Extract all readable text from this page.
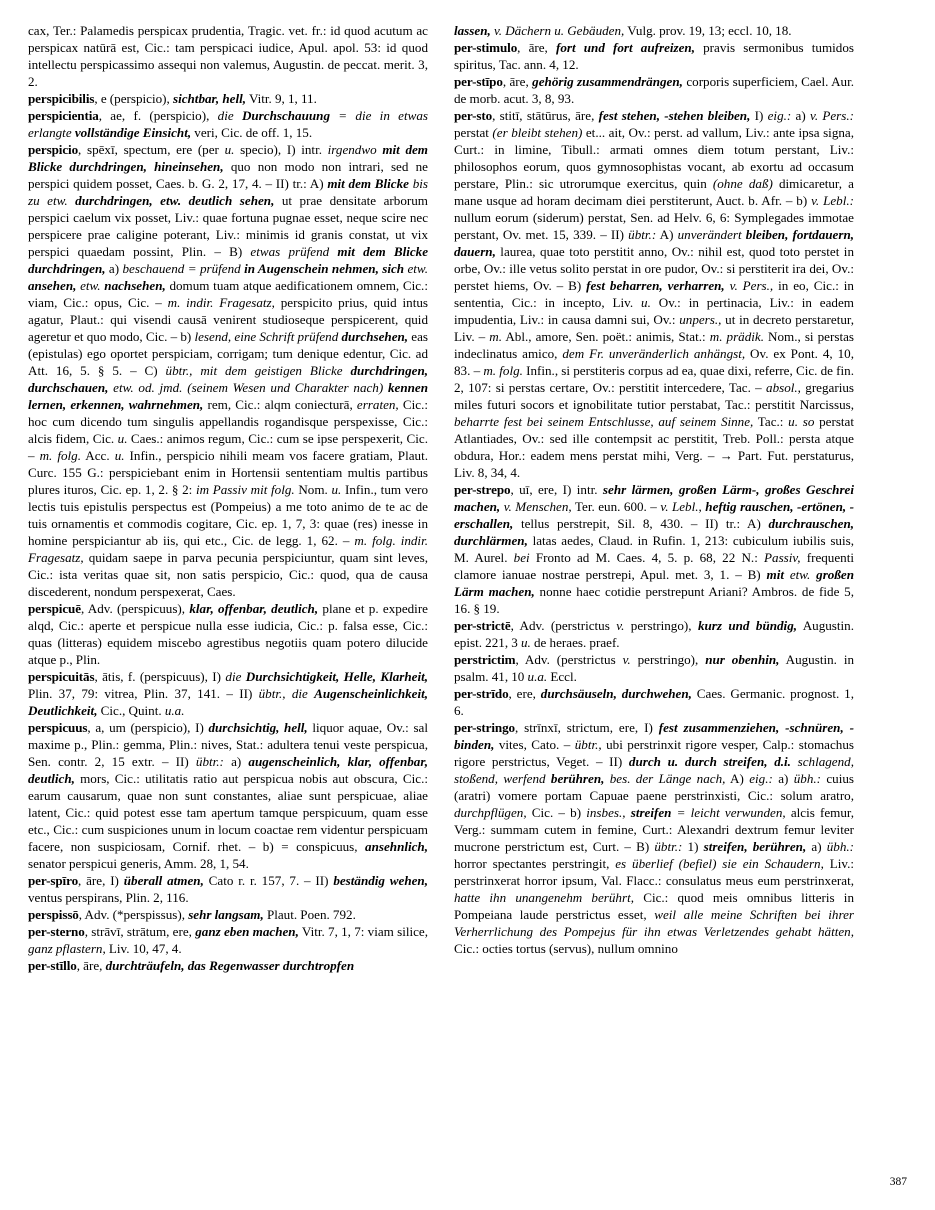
cax, Ter.: Palamedis perspicax prudentia, Tragic. vet. fr.: id quod acutum ac perspicax natūrā est, Cic.: tam perspicaci iudice, Apul. apol. 53: id quod intellectu perspicassimo assequi non valemus, Augustin. de peccat. merit. 3, 2.

perspicibilis, e (perspicio), sichtbar, hell, Vitr. 9, 1, 11.

perspicientia, ae, f. (perspicio), die Durchschauung = die in etwas erlangte vollständige Einsicht, veri, Cic. de off. 1, 15.

perspicio, spēxī, spectum, ere (per u. specio), I) intr. irgendwo mit dem Blicke durchdringen, hineinsehen, quo non modo non intrari, sed ne perspici quidem posset, Caes. b. G. 2, 17, 4. – II) tr.: A) mit dem Blicke bis zu etw. durchdringen, etw. deutlich sehen, ut prae densitate arborum perspici caelum vix posset, Liv.: quae fortuna pugnae esset, neque scire nec perspicere prae caligine poterant, Liv.: minimis id granis constat, ut vix perspici quaedam possint, Plin. – B) etwas prüfend mit dem Blicke durchdringen, a) beschauend = prüfend in Augenschein nehmen, sich etw. ansehen, etw. nachsehen, domum tuam atque aedificationem omnem, Cic.: viam, Cic.: opus, Cic. – m. indir. Fragesatz, perspicito prius, quid intus agatur, Plaut.: qui visendi causā venirent studioseque perspicerent, quid ageretur et quo modo, Cic. – b) lesend, eine Schrift prüfend durchsehen, eas (epistulas) ego oportet perspiciam, corrigam; tum denique edentur, Cic. ad Att. 16, 5. § 5. – C) übtr., mit dem geistigen Blicke durchdringen, durchschauen, etw. od. jmd. (seinem Wesen und Charakter nach) kennen lernen, erkennen, wahrnehmen, rem, Cic.: alqm coniecturā, erraten, Cic.: hoc cum dicendo tum singulis appellandis rogandisque perspexisse, Cic.: alcis fidem, Cic. u. Caes.: animos regum, Cic.: cum se ipse perspexerit, Cic. – m. folg. Acc. u. Infin., perspicio nihili meam vos facere gratiam, Plaut. Curc. 155 G.: perspiciebant enim in Hortensii sententiam multis partibus plures ituros, Cic. ep. 1, 2. § 2: im Passiv mit folg. Nom. u. Infin., tum vero lectis tuis epistulis perspectus est (Pompeius) a me toto animo de te ac de tuis ornamentis et commodis cogitare, Cic. ep. 1, 7, 3: quae (res) inesse in homine perspiciantur ab iis, qui etc., Cic. de legg. 1, 62. – m. folg. indir. Fragesatz, quidam saepe in parva pecunia perspiciuntur, quam sint leves, Cic.: ista veritas quae sit, non satis perspicio, Cic.: quod, qua de causa discederent, nondum perspexerat, Caes.

perspicuē, Adv. (perspicuus), klar, offenbar, deutlich, plane et p. expedire alqd, Cic.: aperte et perspicue nulla esse iudicia, Cic.: p. falsa esse, Cic.: quas (litteras) equidem miscebo agrestibus negotiis quam potero dilucide atque p., Plin.

perspicuitās, ātis, f. (perspicuus), I) die Durchsichtigkeit, Helle, Klarheit, Plin. 37, 79: vitrea, Plin. 37, 141. – II) übtr., die Augenscheinlichkeit, Deutlichkeit, Cic., Quint. u.a.

perspicuus, a, um (perspicio), I) durchsichtig, hell, liquor aquae, Ov.: sal maxime p., Plin.: gemma, Plin.: nives, Stat.: adultera tenui veste perspicua, Sen. contr. 2, 15 extr. – II) übtr.: a) augenscheinlich, klar, offenbar, deutlich, mors, Cic.: utilitatis ratio aut perspicua nobis aut obscura, Cic.: earum causarum, quae non sunt constantes, aliae sunt perspicuae, aliae latent, Cic.: quid potest esse tam apertum tamque perspicuum, quam esse etc., Cic.: cum suspiciones unum in locum coactae rem videntur perspicuam facere, non suspiciosam, Cornif. rhet. – b) = conspicuus, ansehnlich, senator perspicui generis, Amm. 28, 1, 54.

per-spīro, āre, I) überall atmen, Cato r. r. 157, 7. – II) beständig wehen, ventus perspirans, Plin. 2, 116.

perspissō, Adv. (*perspissus), sehr langsam, Plaut. Poen. 792.

per-sterno, strāvī, strātum, ere, ganz eben machen, Vitr. 7, 1, 7: viam silice, ganz pflastern, Liv. 10, 47, 4.

per-stīllo, āre, durchträufeln, das Regenwasser durchtropfen

lassen, v. Dächern u. Gebäuden, Vulg. prov. 19, 13; eccl. 10, 18.

per-stimulo, āre, fort und fort aufreizen, pravis sermonibus tumidos spiritus, Tac. ann. 4, 12.

per-stīpo, āre, gehörig zusammendrängen, corporis superficiem, Cael. Aur. de morb. acut. 3, 8, 93.

per-sto, stitī, stātūrus, āre, fest stehen, -stehen bleiben, I) eig.: a) v. Pers.: perstat (er bleibt stehen) et... ait, Ov.: perst. ad vallum, Liv.: ante ipsa signa, Curt.: in limine, Tibull.: armati omnes diem totum perstant, Liv.: philosophos eorum, quos gymnosophistas vocant, ab exortu ad occasum perstare, Plin.: sic utrorumque exercitus, quin (ohne daß) dimicaretur, a mane usque ad horam decimam diei perstiterunt, Auct. b. Afr. – b) v. Lebl.: nullum eorum (siderum) perstat, Sen. ad Helv. 6, 6: Symplegades immotae perstant, Ov. met. 15, 339. – II) übtr.: A) unverändert bleiben, fortdauern, dauern, laurea, quae toto perstitit anno, Ov.: nihil est, quod toto perstet in orbe, Ov.: ille vetus solito perstat in ore pudor, Ov.: si perstiterit ira dei, Ov.: perstet hiems, Ov. – B) fest beharren, verharren, v. Pers., in eo, Cic.: in sententia, Cic.: in incepto, Liv. u. Ov.: in pertinacia, Liv.: in eadem impudentia, Liv.: in causa damni sui, Ov.: unpers., ut in decreto perstaretur, Liv. – m. Abl., amore, Sen. poët.: animis, Stat.: m. prädik. Nom., si perstas indeclinatus amico, dem Fr. unveränderlich anhängst, Ov. ex Pont. 4, 10, 83. – m. folg. Infin., si perstiteris corpus ad ea, quae dixi, referre, Cic. de fin. 2, 107: si perstas certare, Ov.: perstitit intercedere, Tac. – absol., gregarius miles futuri socors et ignobilitate tutior perstabat, Tac.: perstitit Narcissus, beharrte fest bei seinem Entschlusse, auf seinem Sinne, Tac.: u. so perstat Atlantiades, Ov.: sed ille contempsit ac perstitit, Treb. Poll.: persta atque obdura, Hor.: eadem mens perstat mihi, Verg. – → Part. Fut. perstaturus, Liv. 8, 34, 4.

per-strepo, uī, ere, I) intr. sehr lärmen, großen Lärm-, großes Geschrei machen, v. Menschen, Ter. eun. 600. – v. Lebl., heftig rauschen, -ertönen, -erschallen, tellus perstrepit, Sil. 8, 430. – II) tr.: A) durchrauschen, durchlärmen, latas aedes, Claud. in Rufin. 1, 213: cubiculum iubilis suis, M. Aurel. bei Fronto ad M. Caes. 4, 5. p. 68, 22 N.: Passiv, frequenti clamore ianuae nostrae perstrepi, Apul. met. 3, 1. – B) mit etw. großen Lärm machen, nonne haec cotidie perstrepunt Ariani? Ambros. de fide 5, 16. § 19.

per-strictē, Adv. (perstrictus v. perstringo), kurz und bündig, Augustin. epist. 221, 3 u. de heraes. praef.

perstrictim, Adv. (perstrictus v. perstringo), nur obenhin, Augustin. in psalm. 41, 10 u.a. Eccl.

per-strīdo, ere, durchsäuseln, durchwehen, Caes. Germanic. prognost. 1, 6.

per-stringo, strīnxī, strictum, ere, I) fest zusammenziehen, -schnüren, -binden, vites, Cato. – übtr., ubi perstrinxit rigore vesper, Calp.: stomachus rigore perstrictus, Veget. – II) durch u. durch streifen, d.i. schlagend, stoßend, werfend berühren, bes. der Länge nach, A) eig.: a) übh.: cuius (aratri) vomere portam Capuae paene perstrinxisti, Cic.: solum aratro, durchpflügen, Cic. – b) insbes., streifen = leicht verwunden, alcis femur, Verg.: summam cutem in femine, Curt.: Alexandri dextrum femur leviter mucrone perstrictum est, Curt. – B) übtr.: 1) streifen, berühren, a) übh.: horror spectantes perstringit, es überlief (befiel) sie ein Schaudern, Liv.: perstrinxerat horror ipsum, Val. Flacc.: consulatus meus eum perstrinxerat, hatte ihn unangenehm berührt, Cic.: quod meis omnibus litteris in Pompeiana laude perstrictus esset, weil alle meine Schriften bei ihrer Verherrlichung des Pompejus für ihn etwas Verletzendes gehabt hätten, Cic.: octies tortus (servus), nullum omnino

387
